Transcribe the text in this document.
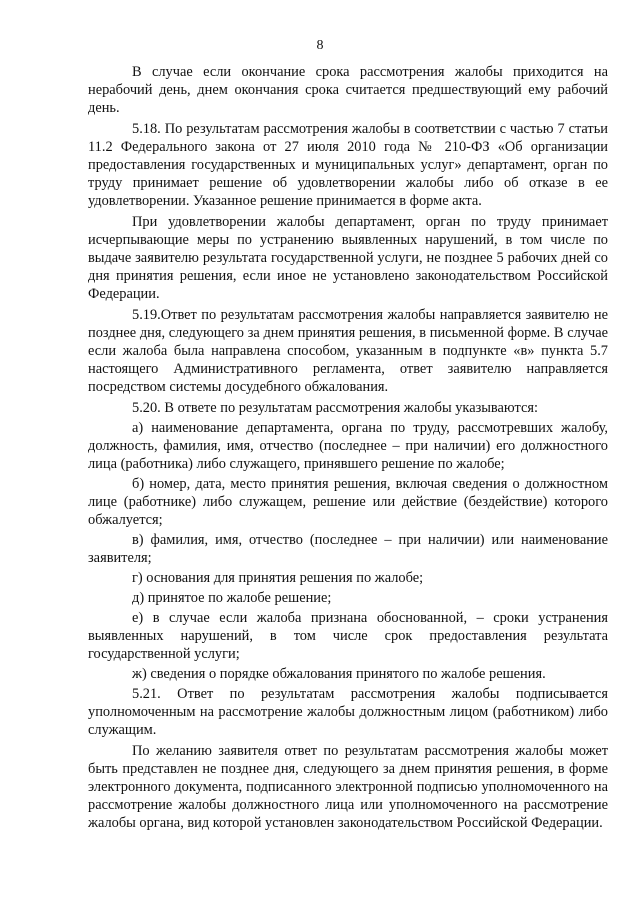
8

В случае если окончание срока рассмотрения жалобы приходится на нерабочий день, днем окончания срока считается предшествующий ему рабочий день.

5.18. По результатам рассмотрения жалобы в соответствии с частью 7 статьи 11.2 Федерального закона от 27 июля 2010 года № 210-ФЗ «Об организации предоставления государственных и муниципальных услуг» департамент, орган по труду принимает решение об удовлетворении жалобы либо об отказе в ее удовлетворении. Указанное решение принимается в форме акта.

При удовлетворении жалобы департамент, орган по труду принимает исчерпывающие меры по устранению выявленных нарушений, в том числе по выдаче заявителю результата государственной услуги, не позднее 5 рабочих дней со дня принятия решения, если иное не установлено законодательством Российской Федерации.

5.19.Ответ по результатам рассмотрения жалобы направляется заявителю не позднее дня, следующего за днем принятия решения, в письменной форме. В случае если жалоба была направлена способом, указанным в подпункте «в» пункта 5.7 настоящего Административного регламента, ответ заявителю направляется посредством системы досудебного обжалования.

5.20. В ответе по результатам рассмотрения жалобы указываются:

а) наименование департамента, органа по труду, рассмотревших жалобу, должность, фамилия, имя, отчество (последнее – при наличии) его должностного лица (работника) либо служащего, принявшего решение по жалобе;

б) номер, дата, место принятия решения, включая сведения о должностном лице (работнике) либо служащем, решение или действие (бездействие) которого обжалуется;

в) фамилия, имя, отчество (последнее – при наличии) или наименование заявителя;

г) основания для принятия решения по жалобе;

д) принятое по жалобе решение;

е) в случае если жалоба признана обоснованной, – сроки устранения выявленных нарушений, в том числе срок предоставления результата государственной услуги;

ж) сведения о порядке обжалования принятого по жалобе решения.

5.21. Ответ по результатам рассмотрения жалобы подписывается уполномоченным на рассмотрение жалобы должностным лицом (работником) либо служащим.

По желанию заявителя ответ по результатам рассмотрения жалобы может быть представлен не позднее дня, следующего за днем принятия решения, в форме электронного документа, подписанного электронной подписью уполномоченного на рассмотрение жалобы должностного лица или уполномоченного на рассмотрение жалобы органа, вид которой установлен законодательством Российской Федерации.
